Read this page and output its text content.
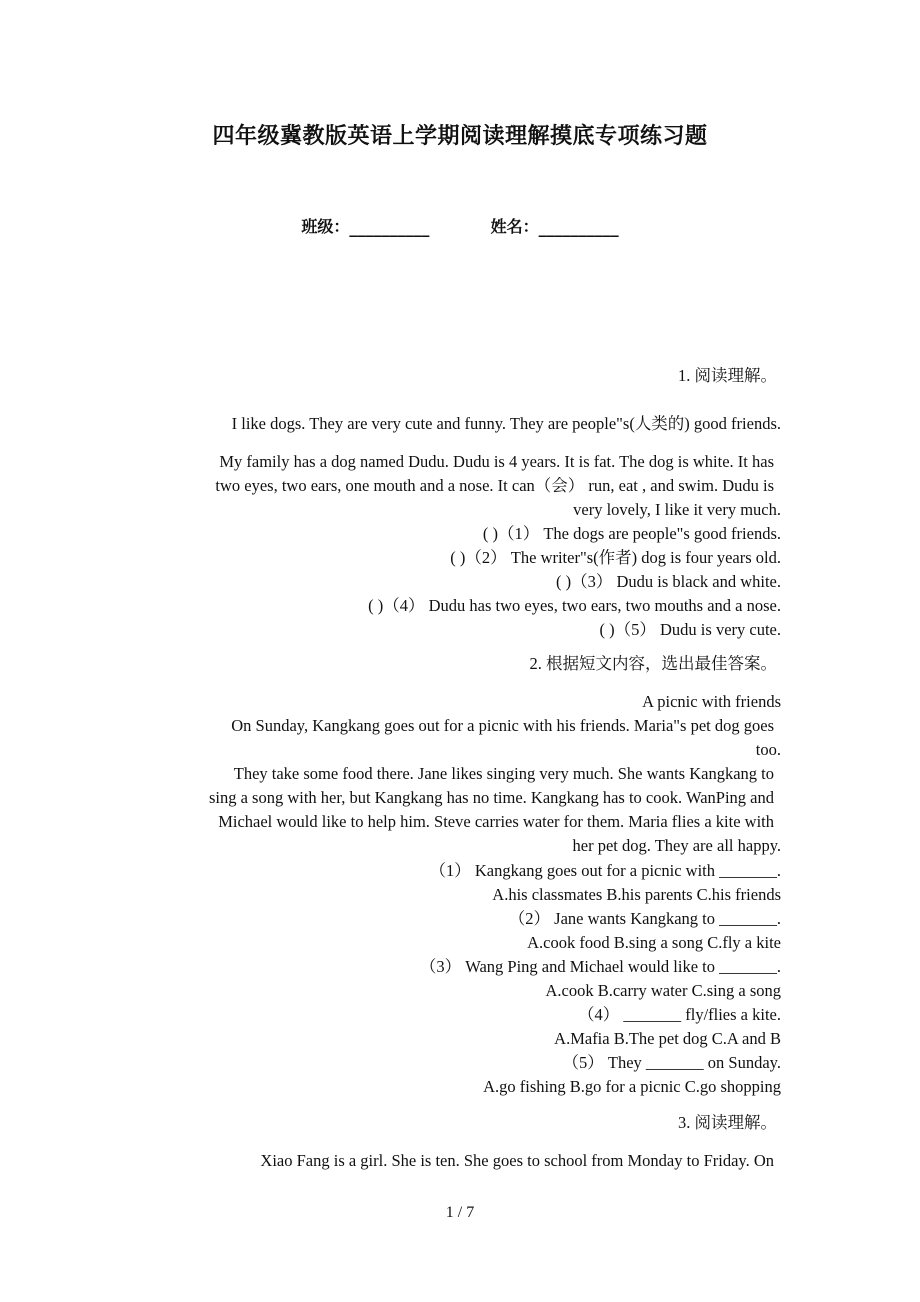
四年级冀教版英语上学期阅读理解摸底专项练习题
班级：__________	姓名：__________
1. 阅读理解。
I like dogs. They are very cute and funny. They are people"s(人类的) good friends.
My family has a dog named Dudu. Dudu is 4 years. It is fat. The dog is white. It has
two eyes, two ears, one mouth and a nose. It can（会） run, eat , and swim. Dudu is
very lovely, I like it very much.
( )（1） The dogs are people"s good friends.
( )（2） The writer"s(作者) dog is four years old.
( )（3） Dudu is black and white.
( )（4） Dudu has two eyes, two ears, two mouths and a nose.
( )（5） Dudu is very cute.
2. 根据短文内容，选出最佳答案。
A picnic with friends
On Sunday, Kangkang goes out for a picnic with his friends. Maria"s pet dog goes
too.
They take some food there. Jane likes singing very much. She wants Kangkang to
sing a song with her, but Kangkang has no time. Kangkang has to cook. WanPing and
Michael would like to help him. Steve carries water for them. Maria flies a kite with
her pet dog. They are all happy.
（1） Kangkang goes out for a picnic with _______.
A.his classmates B.his parents C.his friends
（2） Jane wants Kangkang to _______.
A.cook food B.sing a song C.fly a kite
（3） Wang Ping and Michael would like to _______.
A.cook B.carry water C.sing a song
（4） _______ fly/flies a kite.
A.Mafia B.The pet dog C.A and B
（5） They _______ on Sunday.
A.go fishing B.go for a picnic C.go shopping
3. 阅读理解。
Xiao Fang is a girl. She is ten. She goes to school from Monday to Friday. On
1 / 7
